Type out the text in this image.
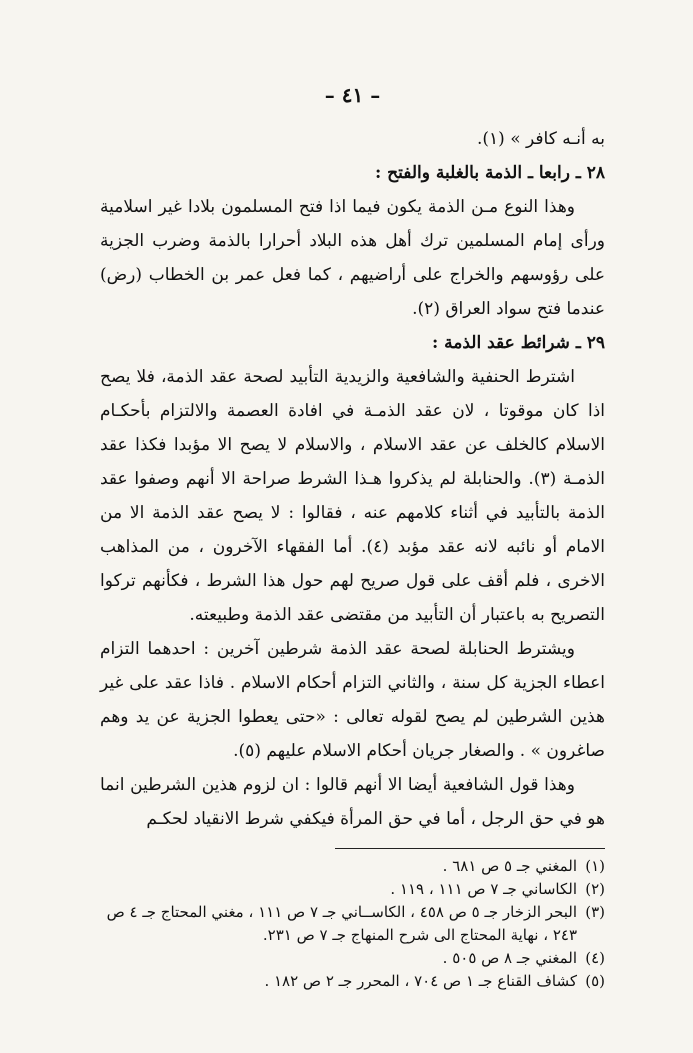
– ٤١ –

به أنـه كافر » (١).

٢٨ ـ رابعا ـ الذمة بالغلبة والفتح :

وهذا النوع مـن الذمة يكون فيما اذا فتح المسلمون بلادا غير اسلامية ورأى إمام المسلمين ترك أهل هذه البلاد أحرارا بالذمة وضرب الجزية على رؤوسهم والخراج على أراضيهم ، كما فعل عمر بن الخطاب (رض) عندما فتح سواد العراق (٢).

٢٩ ـ شرائط عقد الذمة :

اشترط الحنفية والشافعية والزيدية التأبيد لصحة عقد الذمة، فلا يصح اذا كان موقوتا ، لان عقد الذمـة في افادة العصمة والالتزام بأحكـام الاسلام كالخلف عن عقد الاسلام ، والاسلام لا يصح الا مؤبدا فكذا عقد الذمـة (٣). والحنابلة لم يذكروا هـذا الشرط صراحة الا أنهم وصفوا عقد الذمة بالتأبيد في أثناء كلامهم عنه ، فقالوا : لا يصح عقد الذمة الا من الامام أو نائبه لانه عقد مؤبد (٤). أما الفقهاء الآخرون ، من المذاهب الاخرى ، فلم أقف على قول صريح لهم حول هذا الشرط ، فكأنهم تركوا التصريح به باعتبار أن التأبيد من مقتضى عقد الذمة وطبيعته.

ويشترط الحنابلة لصحة عقد الذمة شرطين آخرين : احدهما التزام اعطاء الجزية كل سنة ، والثاني التزام أحكام الاسلام . فاذا عقد على غير هذين الشرطين لم يصح لقوله تعالى : «حتى يعطوا الجزية عن يد وهم صاغرون » . والصغار جريان أحكام الاسلام عليهم (٥).

وهذا قول الشافعية أيضا الا أنهم قالوا : ان لزوم هذين الشرطين انما هو في حق الرجل ، أما في حق المرأة فيكفي شرط الانقياد لحكـم

(١)
المغني جـ ٥ ص ٦٨١ .

(٢)
الكاساني جـ ٧ ص ١١١ ، ١١٩ .

(٣)
البحر الزخار جـ ٥ ص ٤٥٨ ، الكاســاني جـ ٧ ص ١١١ ، مغني المحتاج جـ ٤ ص ٢٤٣ ، نهاية المحتاج الى شرح المنهاج جـ ٧ ص ٢٣١.

(٤)
المغني جـ ٨ ص ٥٠٥ .

(٥)
كشاف القناع جـ ١ ص ٧٠٤ ، المحرر جـ ٢ ص ١٨٢ .
